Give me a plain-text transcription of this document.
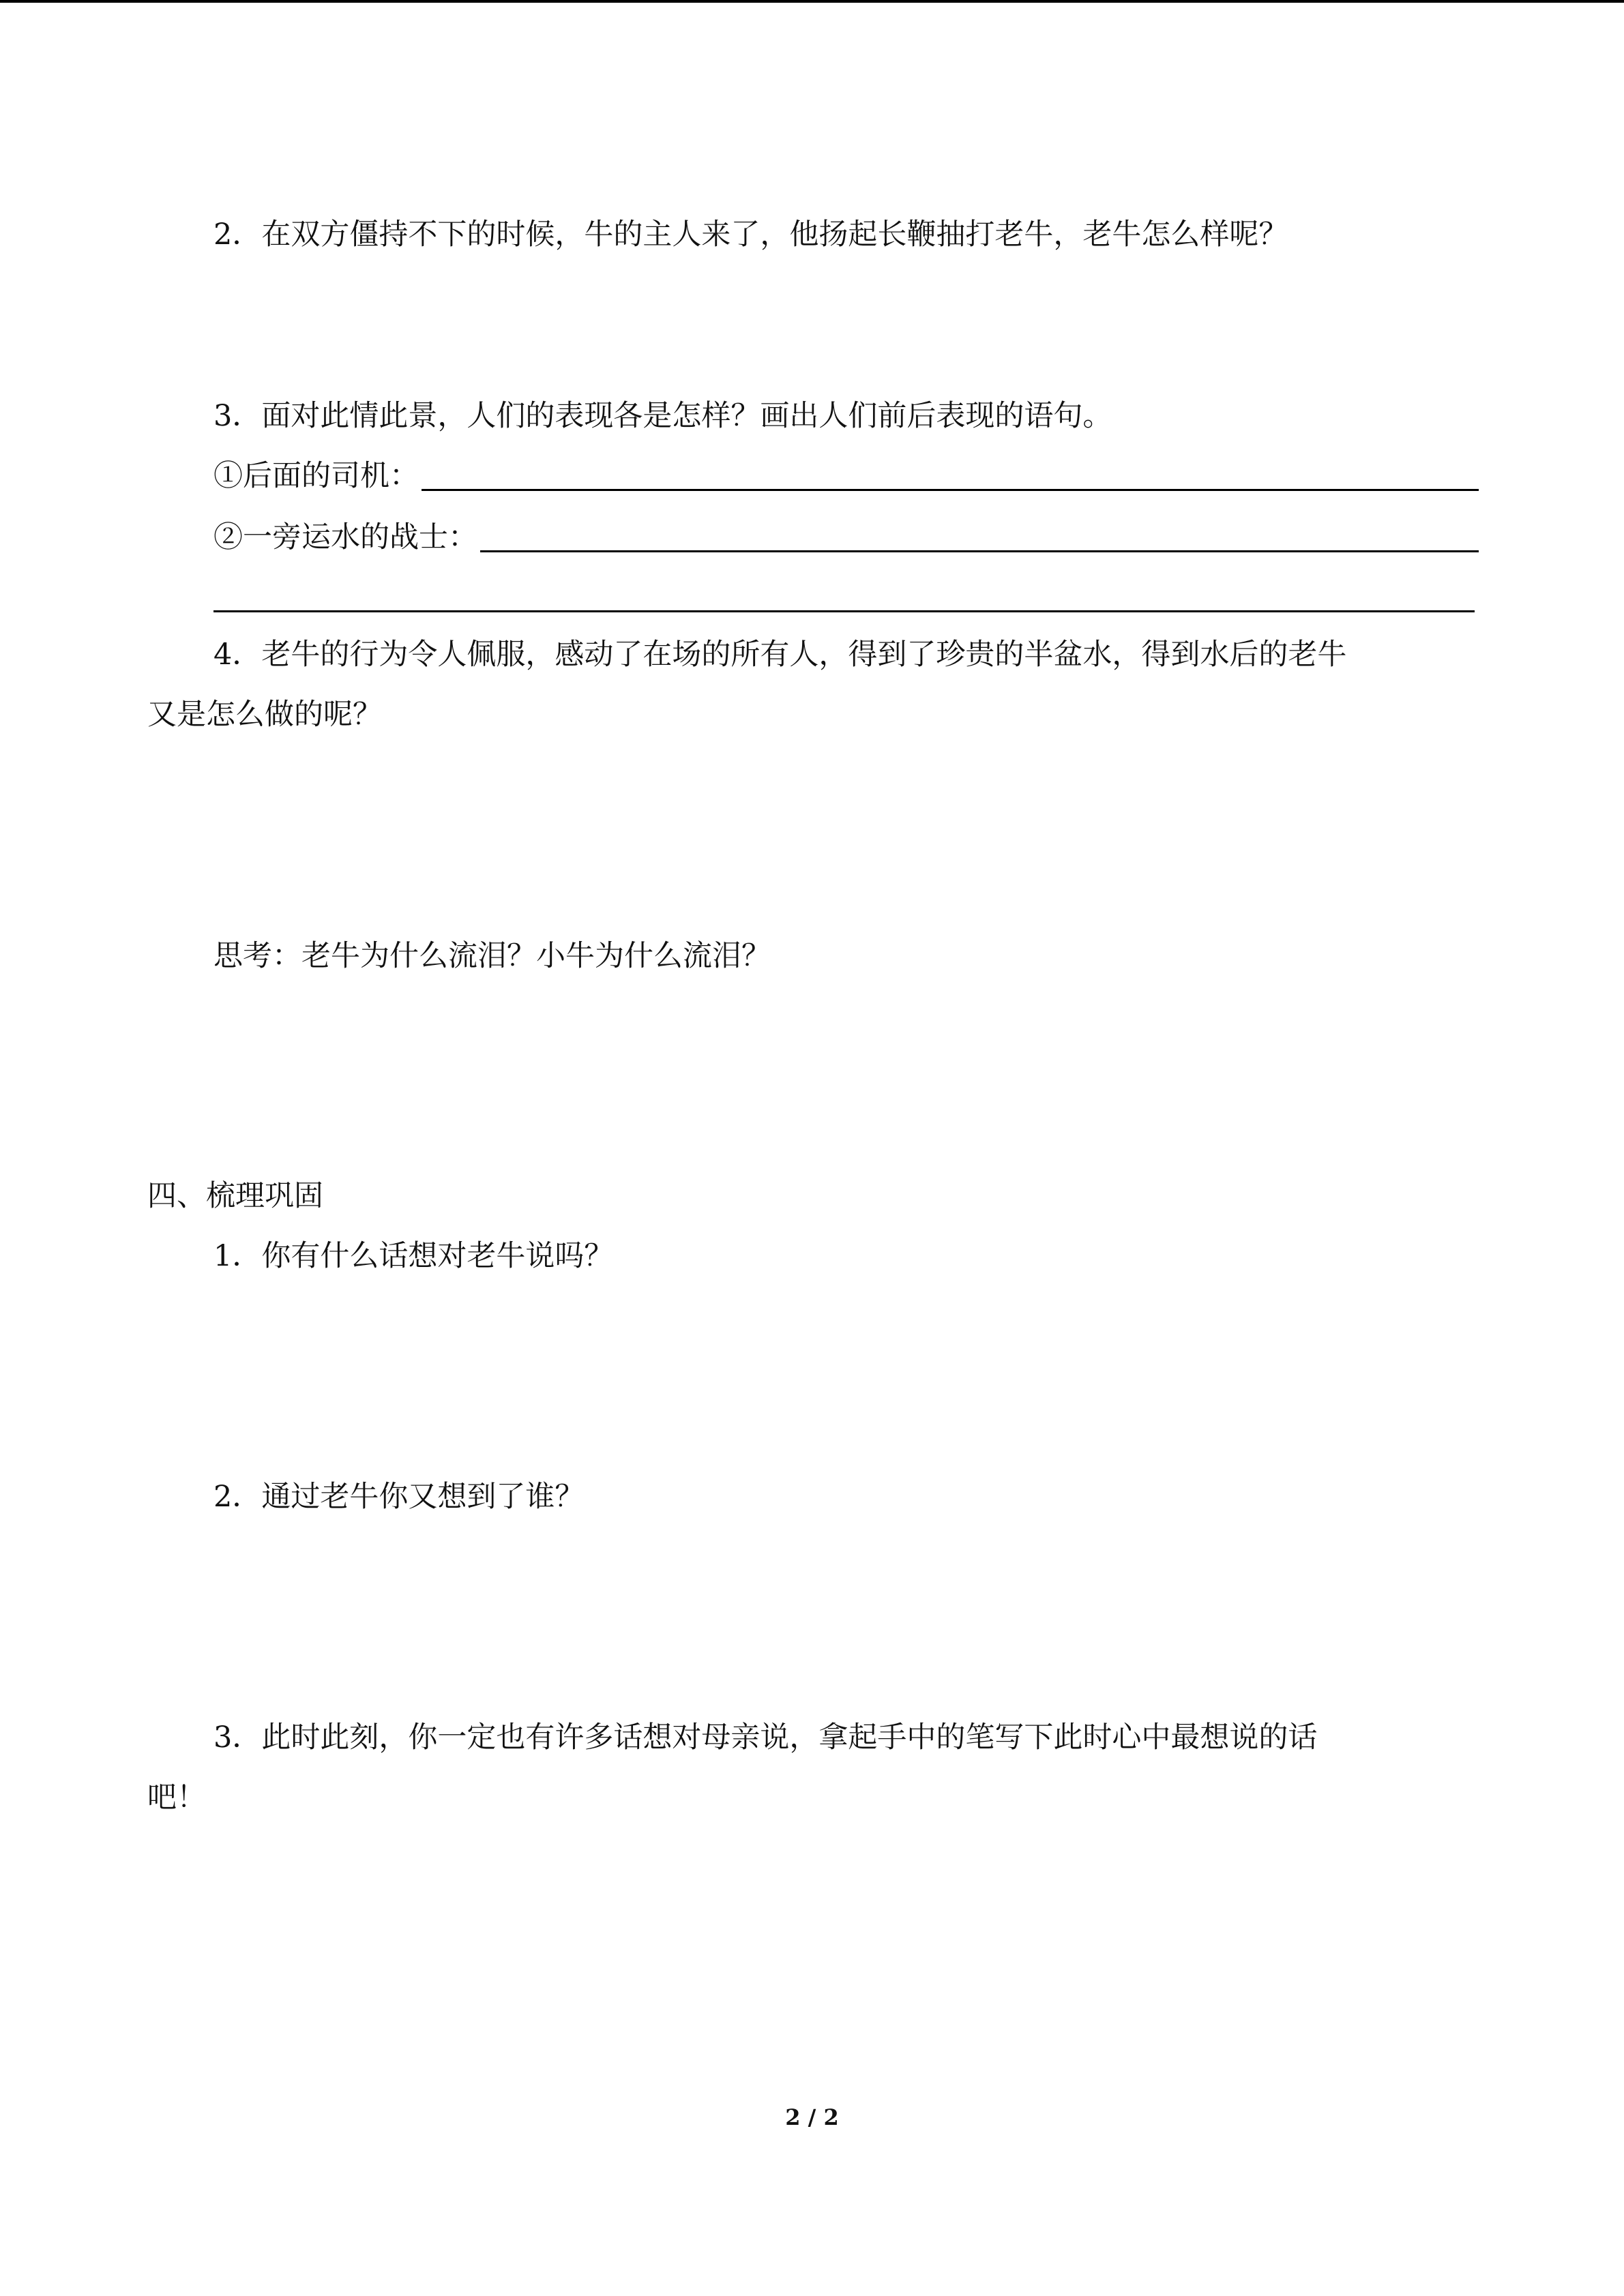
2．在双方僵持不下的时候，牛的主人来了，他扬起长鞭抽打老牛，老牛怎么样呢？
3．面对此情此景，人们的表现各是怎样？画出人们前后表现的语句。
①后面的司机：
②一旁运水的战士：
4．老牛的行为令人佩服，感动了在场的所有人，得到了珍贵的半盆水，得到水后的老牛
又是怎么做的呢？
思考：老牛为什么流泪？小牛为什么流泪？
四、梳理巩固
1．你有什么话想对老牛说吗？
2．通过老牛你又想到了谁？
3．此时此刻，你一定也有许多话想对母亲说，拿起手中的笔写下此时心中最想说的话
吧！
2 / 2
